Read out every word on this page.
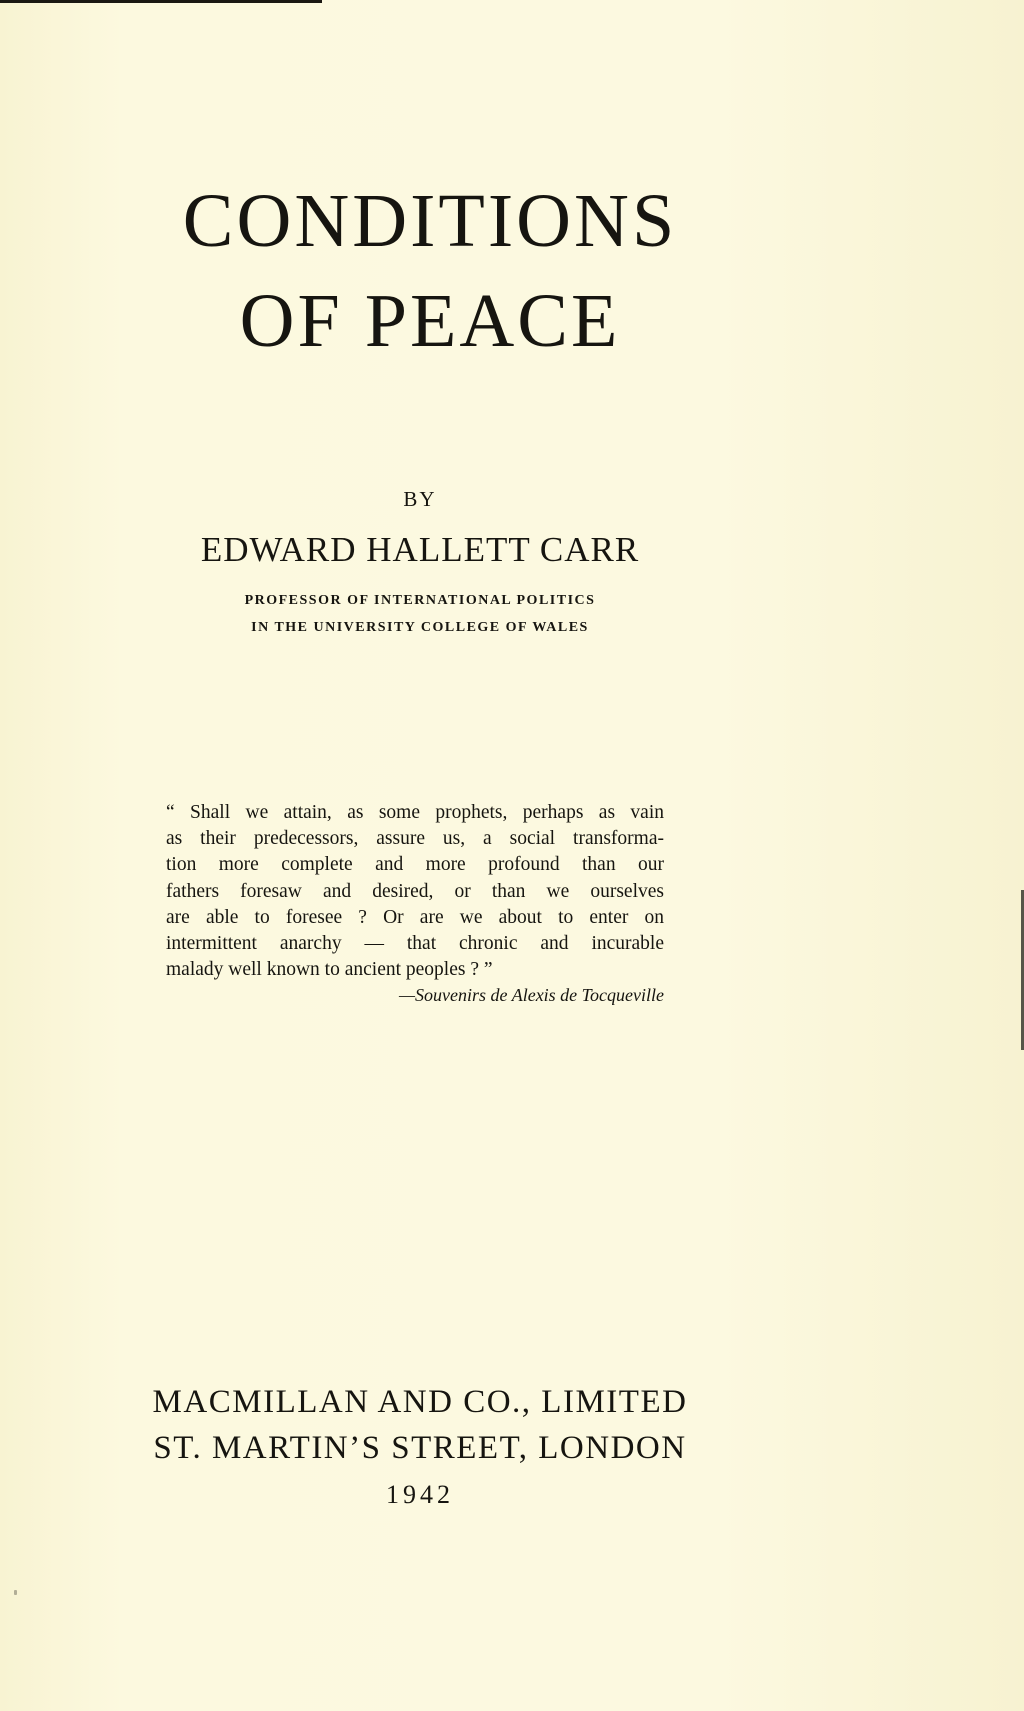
CONDITIONS
OF PEACE
BY
EDWARD HALLETT CARR
PROFESSOR OF INTERNATIONAL POLITICS
IN THE UNIVERSITY COLLEGE OF WALES
“ Shall we attain, as some prophets, perhaps as vain
as their predecessors, assure us, a social transforma-
tion more complete and more profound than our
fathers foresaw and desired, or than we ourselves
are able to foresee ? Or are we about to enter on
intermittent anarchy — that chronic and incurable
malady well known to ancient peoples ? ”
—Souvenirs de Alexis de Tocqueville
MACMILLAN AND CO., LIMITED
ST. MARTIN’S STREET, LONDON
1942
